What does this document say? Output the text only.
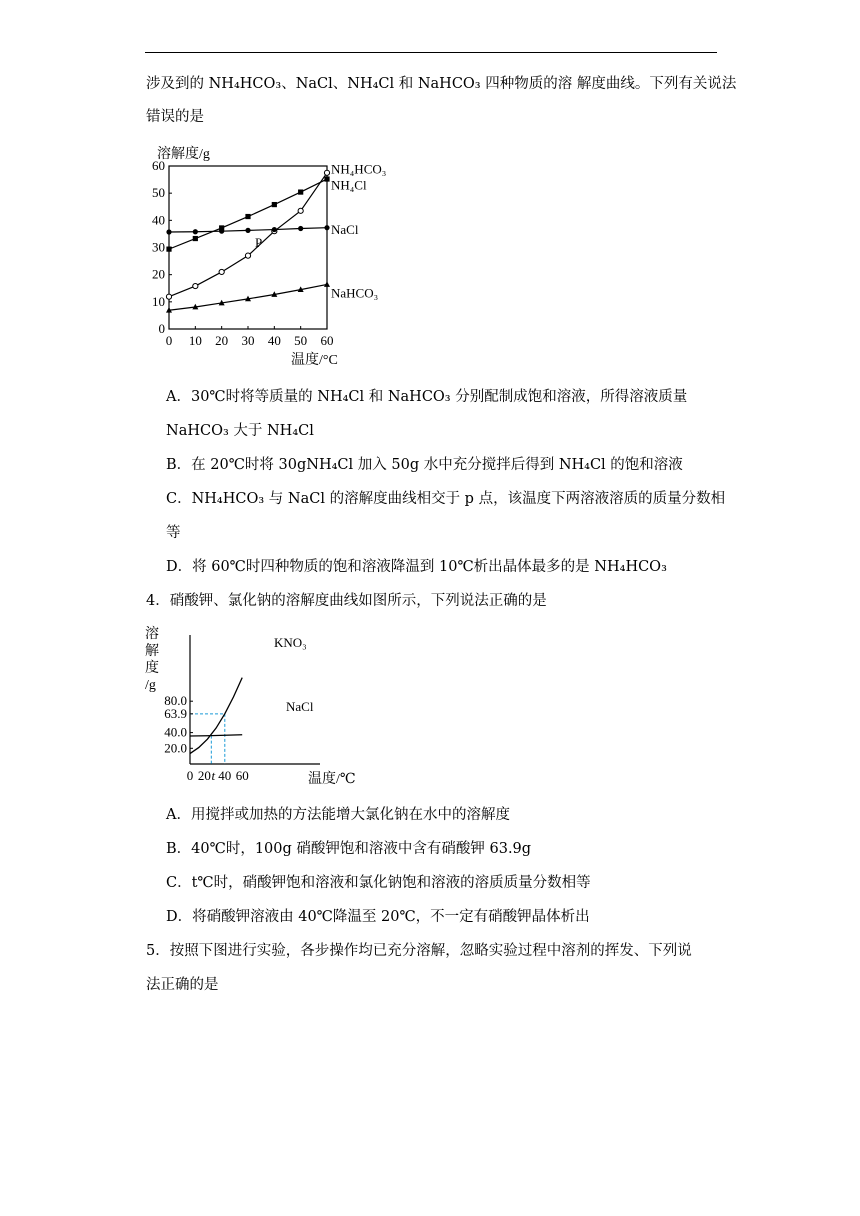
涉及到的 NH₄HCO₃、NaCl、NH₄Cl 和 NaHCO₃ 四种物质的溶 解度曲线。下列有关说法
错误的是
溶解度/g
0
10
20
30
40
50
60
0 10 20 30 40 50 60
NH₄HCO₃
NH₄Cl
NaCl
NaHCO₃
P
温度/°C
A．30℃时将等质量的 NH₄Cl 和 NaHCO₃ 分别配制成饱和溶液，所得溶液质量
NaHCO₃ 大于 NH₄Cl
B．在 20℃时将 30gNH₄Cl 加入 50g 水中充分搅拌后得到 NH₄Cl 的饱和溶液
C．NH₄HCO₃ 与 NaCl 的溶解度曲线相交于 p 点，该温度下两溶液溶质的质量分数相
等
D．将 60℃时四种物质的饱和溶液降温到 10℃析出晶体最多的是 NH₄HCO₃
4．硝酸钾、氯化钠的溶解度曲线如图所示，下列说法正确的是
溶
解
度
/g
20.0
40.0
63.9
80.0
0 20 t 40 60
KNO₃
NaCl
温度/℃
A．用搅拌或加热的方法能增大氯化钠在水中的溶解度
B．40℃时，100g 硝酸钾饱和溶液中含有硝酸钾 63.9g
C．t℃时，硝酸钾饱和溶液和氯化钠饱和溶液的溶质质量分数相等
D．将硝酸钾溶液由 40℃降温至 20℃，不一定有硝酸钾晶体析出
5．按照下图进行实验，各步操作均已充分溶解，忽略实验过程中溶剂的挥发、下列说
法正确的是
